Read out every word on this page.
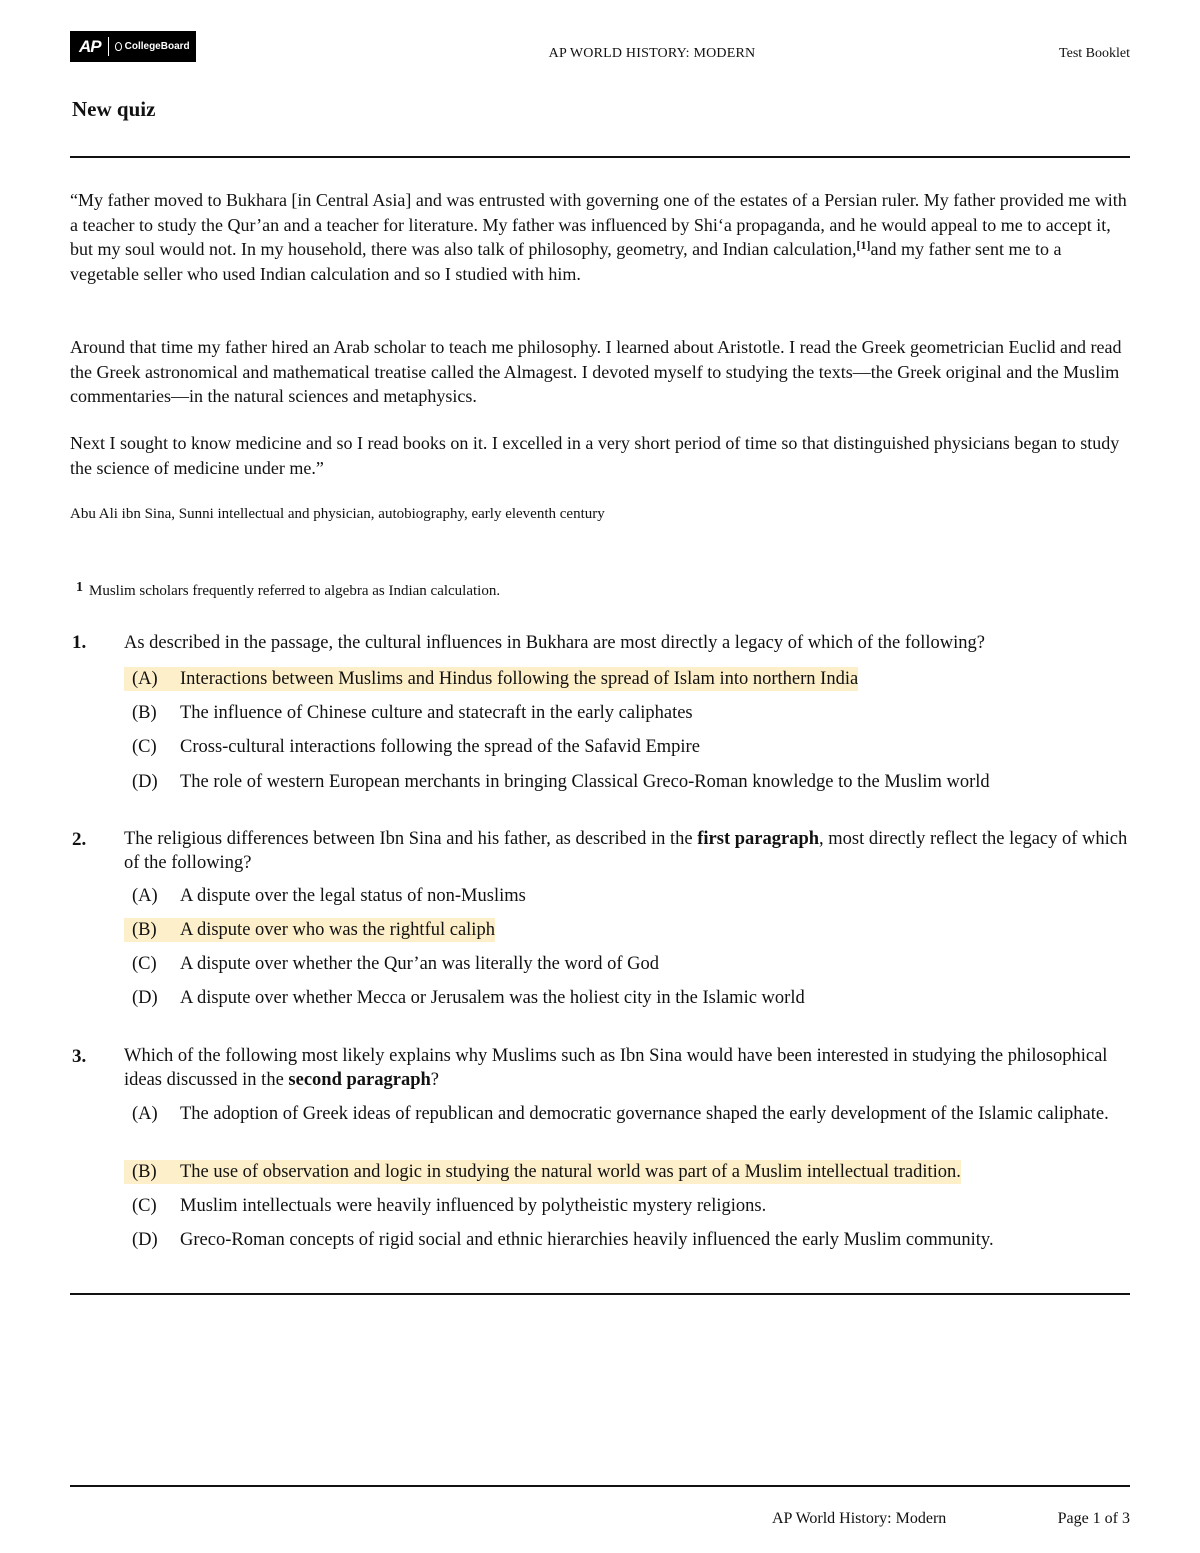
AP CollegeBoard	AP WORLD HISTORY: MODERN	Test Booklet
New quiz
“My father moved to Bukhara [in Central Asia] and was entrusted with governing one of the estates of a Persian ruler. My father provided me with a teacher to study the Qur’an and a teacher for literature. My father was influenced by Shi‘a propaganda, and he would appeal to me to accept it, but my soul would not. In my household, there was also talk of philosophy, geometry, and Indian calculation,[1]and my father sent me to a vegetable seller who used Indian calculation and so I studied with him.
Around that time my father hired an Arab scholar to teach me philosophy. I learned about Aristotle. I read the Greek geometrician Euclid and read the Greek astronomical and mathematical treatise called the Almagest. I devoted myself to studying the texts—the Greek original and the Muslim commentaries—in the natural sciences and metaphysics.
Next I sought to know medicine and so I read books on it. I excelled in a very short period of time so that distinguished physicians began to study the science of medicine under me.”
Abu Ali ibn Sina, Sunni intellectual and physician, autobiography, early eleventh century
1 Muslim scholars frequently referred to algebra as Indian calculation.
1. As described in the passage, the cultural influences in Bukhara are most directly a legacy of which of the following?
(A)	Interactions between Muslims and Hindus following the spread of Islam into northern India
(B)	The influence of Chinese culture and statecraft in the early caliphates
(C)	Cross-cultural interactions following the spread of the Safavid Empire
(D)	The role of western European merchants in bringing Classical Greco-Roman knowledge to the Muslim world
2. The religious differences between Ibn Sina and his father, as described in the first paragraph, most directly reflect the legacy of which of the following?
(A)	A dispute over the legal status of non-Muslims
(B)	A dispute over who was the rightful caliph
(C)	A dispute over whether the Qur’an was literally the word of God
(D)	A dispute over whether Mecca or Jerusalem was the holiest city in the Islamic world
3. Which of the following most likely explains why Muslims such as Ibn Sina would have been interested in studying the philosophical ideas discussed in the second paragraph?
(A)	The adoption of Greek ideas of republican and democratic governance shaped the early development of the Islamic caliphate.
(B)	The use of observation and logic in studying the natural world was part of a Muslim intellectual tradition.
(C)	Muslim intellectuals were heavily influenced by polytheistic mystery religions.
(D)	Greco-Roman concepts of rigid social and ethnic hierarchies heavily influenced the early Muslim community.
AP World History: Modern	Page 1 of 3
